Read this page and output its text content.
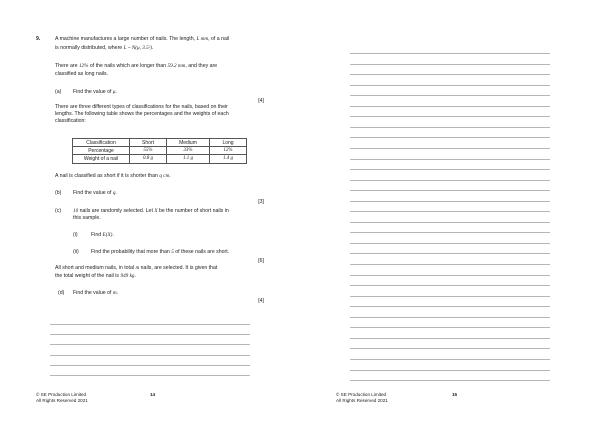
9.	A machine manufactures a large number of nails. The length, L mm, of a nail
is normally distributed, where L ~ N(μ, 3.5²).
There are 12% of the nails which are longer than 59.2 mm, and they are
classified as long nails.
(a) Find the value of μ.
[4]
There are three different types of classifications for the nails, based on their
lengths. The following table shows the percentages and the weights of each
classification:
Classification	Short	Medium	Long
Percentage	55%	33%	12%
Weight of a nail	0.8 g	1.1 g	1.4 g
A nail is classified as short if it is shorter than q cm.
(b) Find the value of q.
[3]
(c) 10 nails are randomly selected. Let X be the number of short nails in
this sample.
(i)	Find E(X).
(ii) Find the probability that more than 5 of these nails are short.
[6]
All short and medium nails, in total m nails, are selected. It is given that
the total weight of the nail is 949 kg.
(d) Find the value of m.
[4]
© SE Production Limited
All Rights Reserved 2021
14	© SE Production Limited
All Rights Reserved 2021
15
